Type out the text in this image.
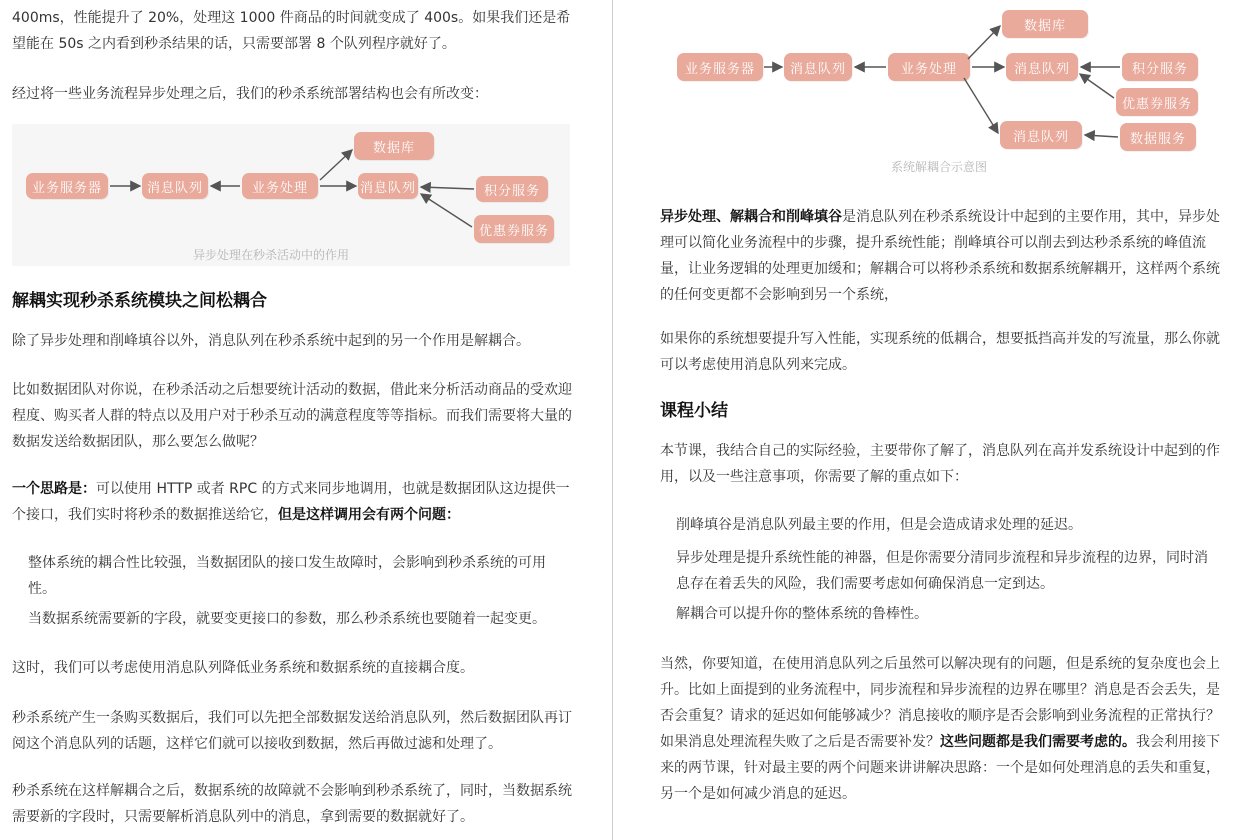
400ms，性能提升了 20%，处理这 1000 件商品的时间就变成了 400s。如果我们还是希望能在 50s 之内看到秒杀结果的话，只需要部署 8 个队列程序就好了。
经过将一些业务流程异步处理之后，我们的秒杀系统部署结构也会有所改变：
业务服务器	消息队列	业务处理
数据库
消息队列	积分服务
优惠券服务
异步处理在秒杀活动中的作用
解耦实现秒杀系统模块之间松耦合
除了异步处理和削峰填谷以外，消息队列在秒杀系统中起到的另一个作用是解耦合。
比如数据团队对你说，在秒杀活动之后想要统计活动的数据，借此来分析活动商品的受欢迎程度、购买者人群的特点以及用户对于秒杀互动的满意程度等等指标。而我们需要将大量的数据发送给数据团队，那么要怎么做呢？
一个思路是：可以使用 HTTP 或者 RPC 的方式来同步地调用，也就是数据团队这边提供一个接口，我们实时将秒杀的数据推送给它，但是这样调用会有两个问题：
整体系统的耦合性比较强，当数据团队的接口发生故障时，会影响到秒杀系统的可用性。
当数据系统需要新的字段，就要变更接口的参数，那么秒杀系统也要随着一起变更。
这时，我们可以考虑使用消息队列降低业务系统和数据系统的直接耦合度。
秒杀系统产生一条购买数据后，我们可以先把全部数据发送给消息队列，然后数据团队再订阅这个消息队列的话题，这样它们就可以接收到数据，然后再做过滤和处理了。
秒杀系统在这样解耦合之后，数据系统的故障就不会影响到秒杀系统了，同时，当数据系统需要新的字段时，只需要解析消息队列中的消息，拿到需要的数据就好了。
业务服务器	消息队列	业务处理
数据库
消息队列	积分服务
优惠券服务
消息队列	数据服务
系统解耦合示意图
异步处理、解耦合和削峰填谷是消息队列在秒杀系统设计中起到的主要作用，其中，异步处理可以简化业务流程中的步骤，提升系统性能；削峰填谷可以削去到达秒杀系统的峰值流量，让业务逻辑的处理更加缓和；解耦合可以将秒杀系统和数据系统解耦开，这样两个系统的任何变更都不会影响到另一个系统，
如果你的系统想要提升写入性能，实现系统的低耦合，想要抵挡高并发的写流量，那么你就可以考虑使用消息队列来完成。
课程小结
本节课，我结合自己的实际经验，主要带你了解了，消息队列在高并发系统设计中起到的作用，以及一些注意事项，你需要了解的重点如下：
削峰填谷是消息队列最主要的作用，但是会造成请求处理的延迟。
异步处理是提升系统性能的神器，但是你需要分清同步流程和异步流程的边界，同时消息存在着丢失的风险，我们需要考虑如何确保消息一定到达。
解耦合可以提升你的整体系统的鲁棒性。
当然，你要知道，在使用消息队列之后虽然可以解决现有的问题，但是系统的复杂度也会上升。比如上面提到的业务流程中，同步流程和异步流程的边界在哪里？消息是否会丢失，是否会重复？请求的延迟如何能够减少？消息接收的顺序是否会影响到业务流程的正常执行？如果消息处理流程失败了之后是否需要补发？这些问题都是我们需要考虑的。我会利用接下来的两节课，针对最主要的两个问题来讲讲解决思路：一个是如何处理消息的丢失和重复，另一个是如何减少消息的延迟。
